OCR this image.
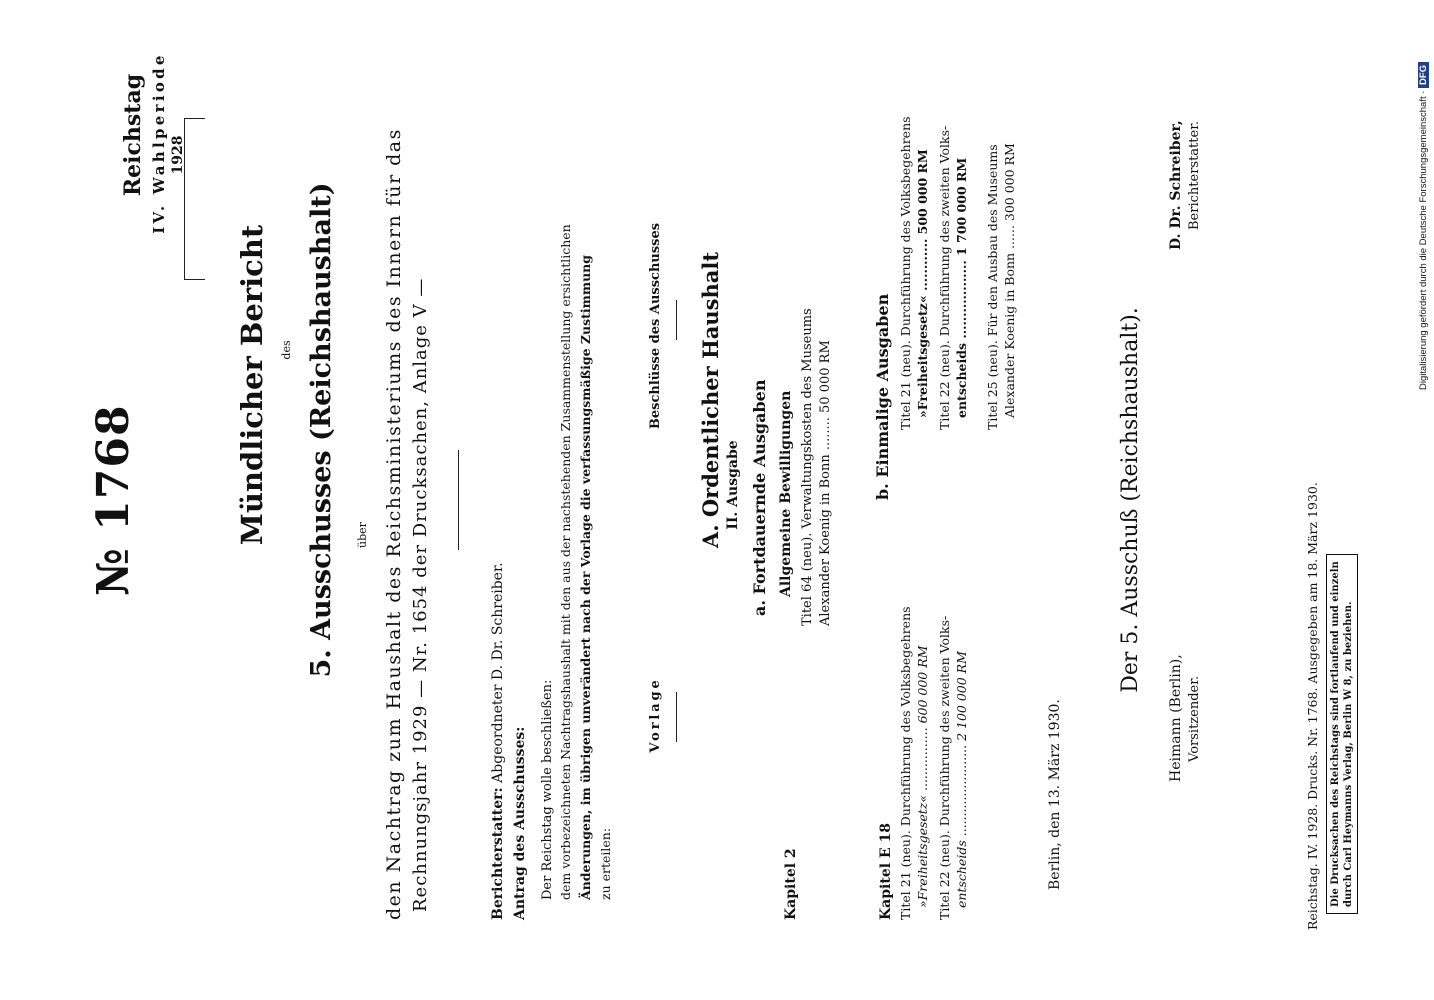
№ 1768
Reichstag IV. Wahlperiode 1928
Mündlicher Bericht des 5. Ausschusses (Reichshaushalt) über den Nachtrag zum Haushalt des Reichsministeriums des Innern für das Rechnungsjahr 1929 — Nr. 1654 der Drucksachen, Anlage V —	Berichterstatter: Abgeordneter D. Dr. Schreiber.
Antrag des Ausschusses: Der Reichstag wolle beschließen: dem vorbezeichneten Nachtragshaushalt mit den aus der nachstehenden Zusammenstellung ersichtlichen Änderungen, im übrigen unverändert nach der Vorlage die verfassungsmäßige Zustimmung zu erteilen:
Vorlage
Beschlüsse des Ausschusses A. Ordentlicher Haushalt II. Ausgabe a. Fortdauernde Ausgaben Allgemeine Bewilligungen
Kapitel 2
Titel 64 (neu). Verwaltungskosten des Museums Alexander Koenig in Bonn ........ 50 000 RM	b. Einmalige Ausgaben
Kapitel E 18 Titel 21 (neu). Durchführung des Volksbegehrens »Freiheitsgesetz« ................ 600 000 RM Titel 22 (neu). Durchführung des zweiten Volks- entscheids ....................... 2 100 000 RM
Titel 21 (neu). Durchführung des Volksbegehrens »Freiheitsgesetz« ............ 500 000 RM Titel 22 (neu). Durchführung des zweiten Volks- entscheids .................. 1 700 000 RM Titel 25 (neu). Für den Ausbau des Museums Alexander Koenig in Bonn ...... 300 000 RM
Berlin, den 13. März 1930.
Der 5. Ausschuß (Reichshaushalt).
Heimann (Berlin), Vorsitzender.
D. Dr. Schreiber, Berichterstatter.
Reichstag. IV. 1928. Drucks. Nr. 1768. Ausgegeben am 18. März 1930. Die Drucksachen des Reichstags sind fortlaufend und einzeln durch Carl Heymanns Verlag, Berlin W 8, zu beziehen.
Digitalisierung gefördert durch die Deutsche Forschungsgemeinschaft · DFG
